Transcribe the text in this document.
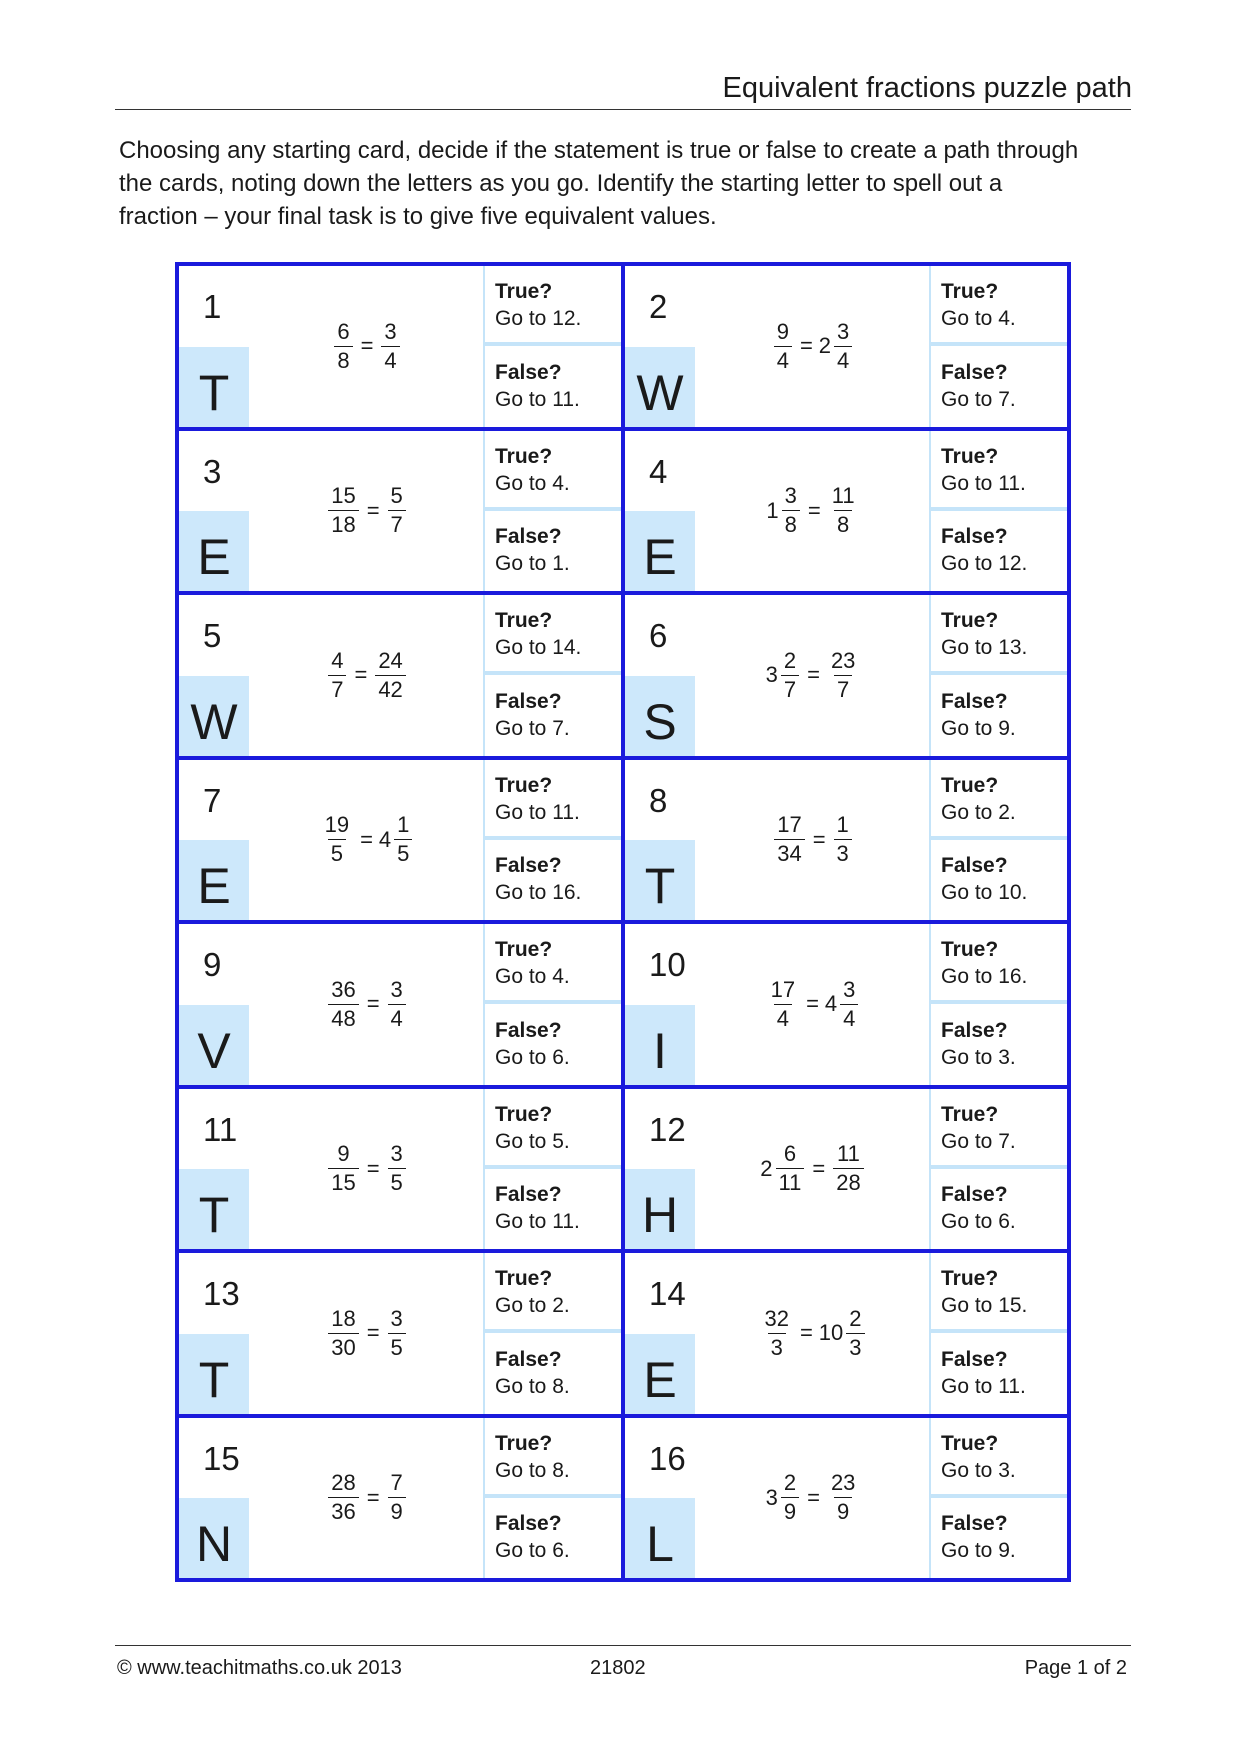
Equivalent fractions puzzle path

Choosing any starting card, decide if the statement is true or false to create a path through

the cards, noting down the letters as you go. Identify the starting letter to spell out a

fraction – your final task is to give five equivalent values.

1
T
$\frac{6}{8} = \frac{3}{4}$
True?
Go to 12.
False?
Go to 11.
2
W
$\frac{9}{4} = 2 \frac{3}{4}$
True?
Go to 4.
False?
Go to 7.
3
E
$\frac{15}{18} = \frac{5}{7}$
True?
Go to 4.
False?
Go to 1.
4
E
$1 \frac{3}{8} = \frac{11}{8}$
True?
Go to 11.
False?
Go to 12.
5
W
$\frac{4}{7} = \frac{24}{42}$
True?
Go to 14.
False?
Go to 7.
6
S
$3 \frac{2}{7} = \frac{23}{7}$
True?
Go to 13.
False?
Go to 9.
7
E
$\frac{19}{5} = 4 \frac{1}{5}$
True?
Go to 11.
False?
Go to 16.
8
T
$\frac{17}{34} = \frac{1}{3}$
True?
Go to 2.
False?
Go to 10.
9
V
$\frac{36}{48} = \frac{3}{4}$
True?
Go to 4.
False?
Go to 6.
10
I
$\frac{17}{4} = 4 \frac{3}{4}$
True?
Go to 16.
False?
Go to 3.
11
T
$\frac{9}{15} = \frac{3}{5}$
True?
Go to 5.
False?
Go to 11.
12
H
$2 \frac{6}{11} = \frac{11}{28}$
True?
Go to 7.
False?
Go to 6.
13
T
$\frac{18}{30} = \frac{3}{5}$
True?
Go to 2.
False?
Go to 8.
14
E
$\frac{32}{3} = 10 \frac{2}{3}$
True?
Go to 15.
False?
Go to 11.
15
N
$\frac{28}{36} = \frac{7}{9}$
True?
Go to 8.
False?
Go to 6.
16
L
$3 \frac{2}{9} = \frac{23}{9}$
True?
Go to 3.
False?
Go to 9.
© www.teachitmaths.co.uk 2013	21802	Page 1 of 2
